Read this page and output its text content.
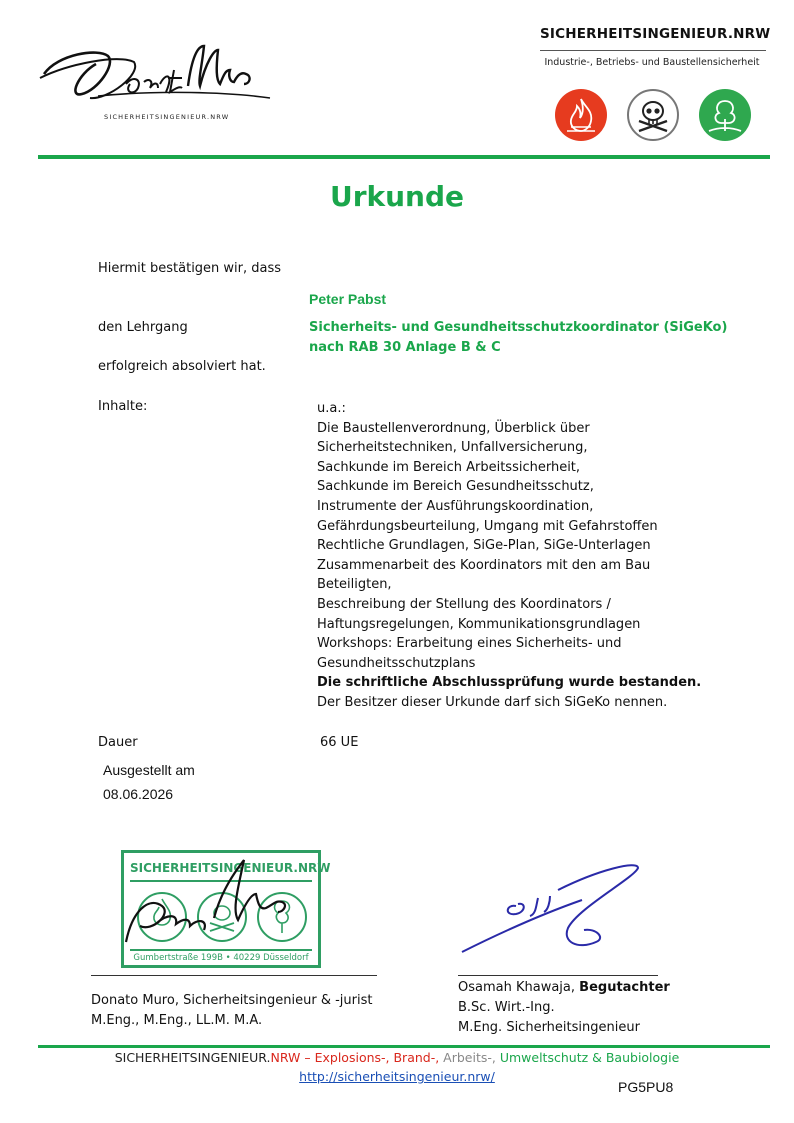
SICHERHEITSINGENIEUR.NRW
SICHERHEITSINGENIEUR.NRW
Industrie-, Betriebs- und Baustellensicherheit
Urkunde
Hiermit bestätigen wir, dass
Peter Pabst
den Lehrgang	Sicherheits- und Gesundheitsschutzkoordinator (SiGeKo)
nach RAB 30 Anlage B & C
erfolgreich absolviert hat.
Inhalte:	u.a.:
Die Baustellenverordnung, Überblick über
Sicherheitstechniken, Unfallversicherung,
Sachkunde im Bereich Arbeitssicherheit,
Sachkunde im Bereich Gesundheitsschutz,
Instrumente der Ausführungskoordination,
Gefährdungsbeurteilung, Umgang mit Gefahrstoffen
Rechtliche Grundlagen, SiGe-Plan, SiGe-Unterlagen
Zusammenarbeit des Koordinators mit den am Bau
Beteiligten,
Beschreibung der Stellung des Koordinators /
Haftungsregelungen, Kommunikationsgrundlagen
Workshops: Erarbeitung eines Sicherheits- und
Gesundheitsschutzplans
Die schriftliche Abschlussprüfung wurde bestanden.
Der Besitzer dieser Urkunde darf sich SiGeKo nennen.
Dauer	66 UE
Ausgestellt am
08.06.2026
SICHERHEITSINGENIEUR.NRW
Gumbertstraße 199B • 40229 Düsseldorf
Donato Muro, Sicherheitsingenieur & -jurist
M.Eng., M.Eng., LL.M. M.A.
Osamah Khawaja, Begutachter
B.Sc. Wirt.-Ing.
M.Eng. Sicherheitsingenieur
SICHERHEITSINGENIEUR.NRW – Explosions-, Brand-, Arbeits-, Umweltschutz & Baubiologie
http://sicherheitsingenieur.nrw/
PG5PU8
